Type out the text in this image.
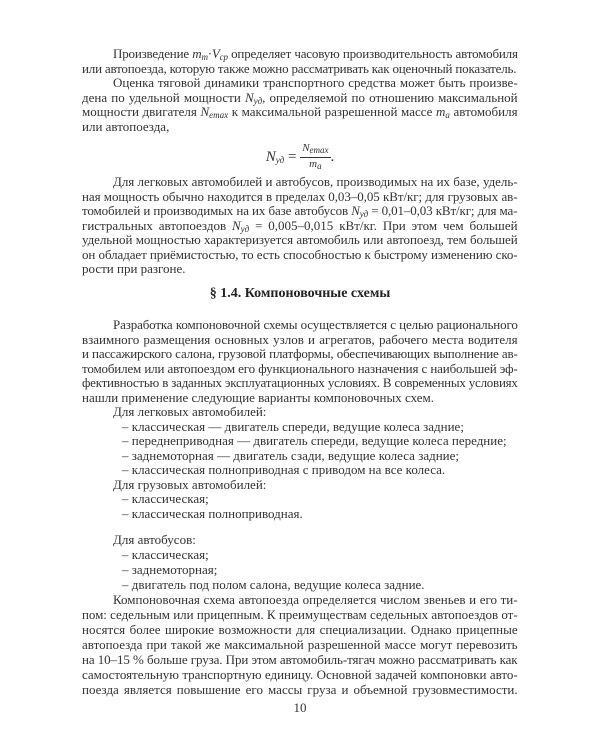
Произведение $m_т\cdot V_{ср}$ определяет часовую производительность автомобиля
или автопоезда, которую также можно рассматривать как оценочный показатель.
Оценка тяговой динамики транспортного средства может быть произве-
дена по удельной мощности $N_{уд}$, определяемой по отношению максимальной
мощности двигателя $N_{emax}$ к максимальной разрешенной массе $m_a$ автомобиля
или автопоезда,
$N_{уд} = \frac{N_{emax}}{m_a}$ .
Для легковых автомобилей и автобусов, производимых на их базе, удель-
ная мощность обычно находится в пределах 0,03–0,05 кВт/кг; для грузовых ав-
томобилей и производимых на их базе автобусов $N_{уд} = 0,01-0,03$ кВт/кг; для ма-
гистральных автопоездов $N_{уд} = 0,005-0,015$ кВт/кг. При этом чем большей
удельной мощностью характеризуется автомобиль или автопоезд, тем большей
он обладает приёмистостью, то есть способностью к быстрому изменению ско-
рости при разгоне.
§ 1.4. Компоновочные схемы
Разработка компоновочной схемы осуществляется с целью рационального
взаимного размещения основных узлов и агрегатов, рабочего места водителя
и пассажирского салона, грузовой платформы, обеспечивающих выполнение ав-
томобилем или автопоездом его функционального назначения с наибольшей эф-
фективностью в заданных эксплуатационных условиях. В современных условиях
нашли применение следующие варианты компоновочных схем.
Для легковых автомобилей:
– классическая — двигатель спереди, ведущие колеса задние;
– переднеприводная — двигатель спереди, ведущие колеса передние;
– заднемоторная — двигатель сзади, ведущие колеса задние;
– классическая полноприводная с приводом на все колеса.
Для грузовых автомобилей:
– классическая;
– классическая полноприводная.
Для автобусов:
– классическая;
– заднемоторная;
– двигатель под полом салона, ведущие колеса задние.
Компоновочная схема автопоезда определяется числом звеньев и его ти-
пом: седельным или прицепным. К преимуществам седельных автопоездов от-
носятся более широкие возможности для специализации. Однако прицепные
автопоезда при такой же максимальной разрешенной массе могут перевозить
на 10–15 % больше груза. При этом автомобиль-тягач можно рассматривать как
самостоятельную транспортную единицу. Основной задачей компоновки авто-
поезда является повышение его массы груза и объемной грузовместимости.
10
